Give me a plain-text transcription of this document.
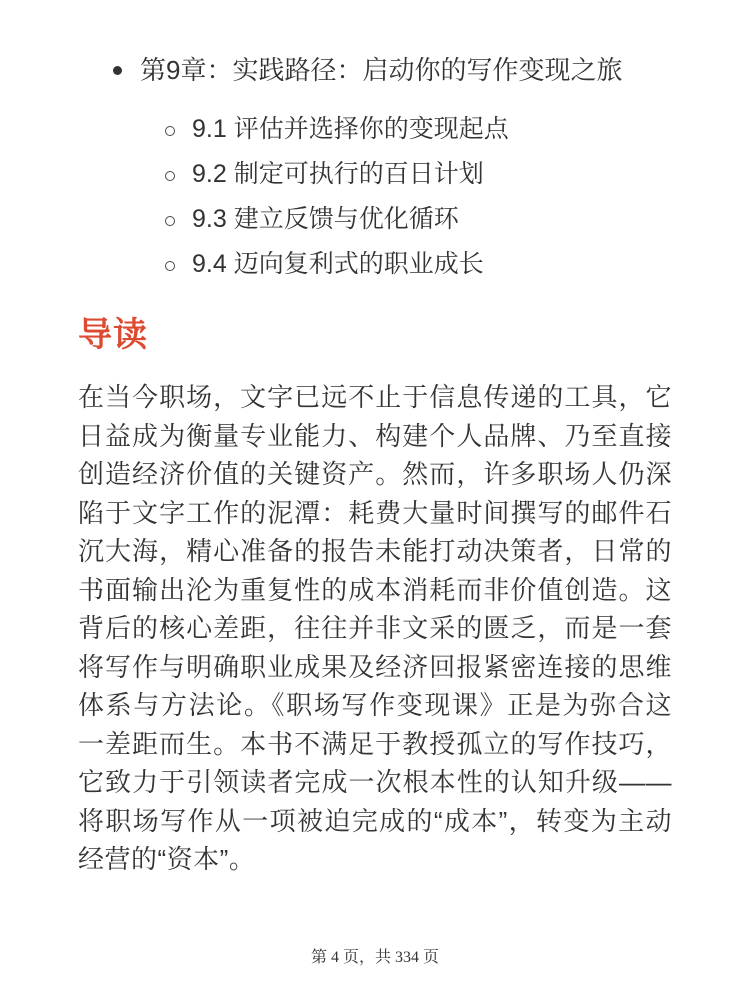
第9章：实践路径：启动你的写作变现之旅
9.1 评估并选择你的变现起点
9.2 制定可执行的百日计划
9.3 建立反馈与优化循环
9.4 迈向复利式的职业成长
导读

在当今职场，文字已远不止于信息传递的工具，它日益成为衡量专业能力、构建个人品牌、乃至直接创造经济价值的关键资产。然而，许多职场人仍深陷于文字工作的泥潭：耗费大量时间撰写的邮件石沉大海，精心准备的报告未能打动决策者，日常的书面输出沦为重复性的成本消耗而非价值创造。这背后的核心差距，往往并非文采的匮乏，而是一套将写作与明确职业成果及经济回报紧密连接的思维体系与方法论。《职场写作变现课》正是为弥合这一差距而生。本书不满足于教授孤立的写作技巧，它致力于引领读者完成一次根本性的认知升级——将职场写作从一项被迫完成的“成本”，转变为主动经营的“资本”。

第 4 页，共 334 页
